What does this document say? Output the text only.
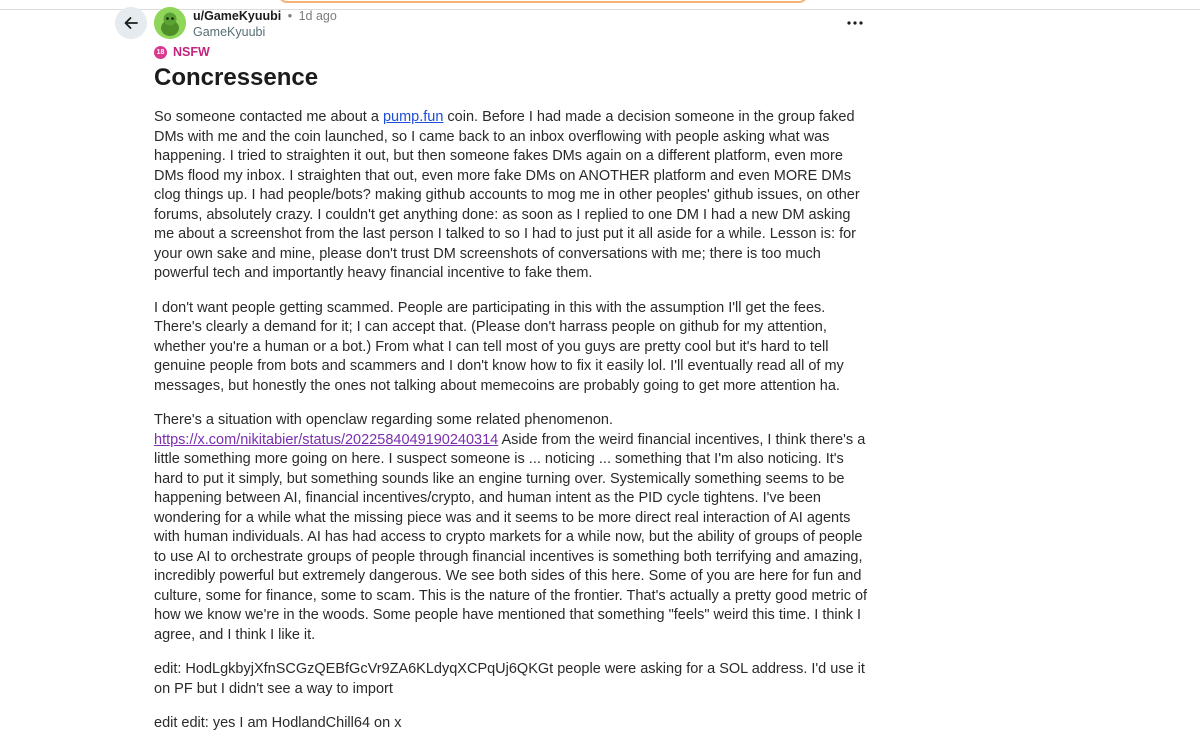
u/GameKyuubi • 1d ago
GameKyuubi
18 NSFW
Concressence

So someone contacted me about a pump.fun coin. Before I had made a decision someone in the group faked DMs with me and the coin launched, so I came back to an inbox overflowing with people asking what was happening. I tried to straighten it out, but then someone fakes DMs again on a different platform, even more DMs flood my inbox. I straighten that out, even more fake DMs on ANOTHER platform and even MORE DMs clog things up. I had people/bots? making github accounts to mog me in other peoples' github issues, on other forums, absolutely crazy. I couldn't get anything done: as soon as I replied to one DM I had a new DM asking me about a screenshot from the last person I talked to so I had to just put it all aside for a while. Lesson is: for your own sake and mine, please don't trust DM screenshots of conversations with me; there is too much powerful tech and importantly heavy financial incentive to fake them.

I don't want people getting scammed. People are participating in this with the assumption I'll get the fees. There's clearly a demand for it; I can accept that. (Please don't harrass people on github for my attention, whether you're a human or a bot.) From what I can tell most of you guys are pretty cool but it's hard to tell genuine people from bots and scammers and I don't know how to fix it easily lol. I'll eventually read all of my messages, but honestly the ones not talking about memecoins are probably going to get more attention ha.

There's a situation with openclaw regarding some related phenomenon. https://x.com/nikitabier/status/2022584049190240314 Aside from the weird financial incentives, I think there's a little something more going on here. I suspect someone is ... noticing ... something that I'm also noticing. It's hard to put it simply, but something sounds like an engine turning over. Systemically something seems to be happening between AI, financial incentives/crypto, and human intent as the PID cycle tightens. I've been wondering for a while what the missing piece was and it seems to be more direct real interaction of AI agents with human individuals. AI has had access to crypto markets for a while now, but the ability of groups of people to use AI to orchestrate groups of people through financial incentives is something both terrifying and amazing, incredibly powerful but extremely dangerous. We see both sides of this here. Some of you are here for fun and culture, some for finance, some to scam. This is the nature of the frontier. That's actually a pretty good metric of how we know we're in the woods. Some people have mentioned that something "feels" weird this time. I think I agree, and I think I like it.

edit: HodLgkbyjXfnSCGzQEBfGcVr9ZA6KLdyqXCPqUj6QKGt people were asking for a SOL address. I'd use it on PF but I didn't see a way to import

edit edit: yes I am HodlandChill64 on x
